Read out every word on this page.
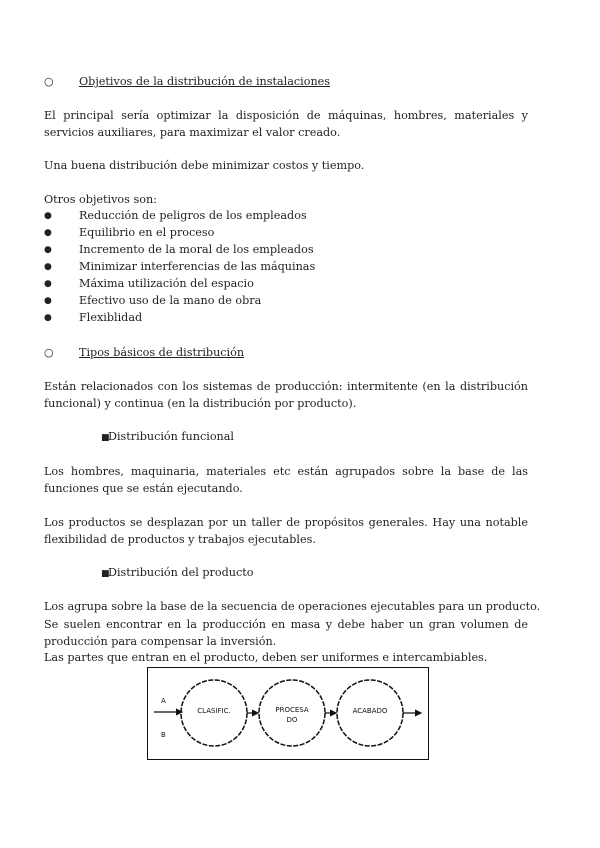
○ Objetivos de la distribución de instalaciones
El principal sería optimizar la disposición de máquinas, hombres, materiales y servicios auxiliares, para maximizar el valor creado.
Una buena distribución debe minimizar costos y tiempo.
Otros objetivos son:
● Reducción de peligros de los empleados
● Equilibrio en el proceso
● Incremento de la moral de los empleados
● Minimizar interferencias de las máquinas
● Máxima utilización del espacio
● Efectivo uso de la mano de obra
● Flexiblidad
○ Tipos básicos de distribución
Están relacionados con los sistemas de producción: intermitente (en la distribución funcional) y continua (en la distribución por producto).
■
Distribución funcional
Los hombres, maquinaria, materiales etc están agrupados sobre la base de las funciones que se están ejecutando.
Los productos se desplazan por un taller de propósitos generales. Hay una notable flexibilidad de productos y trabajos ejecutables.
■
Distribución del producto
Los agrupa sobre la base de la secuencia de operaciones ejecutables para un producto.
Se suelen encontrar en la producción en masa y debe haber un gran volumen de producción para compensar la inversión.
Las partes que entran en el producto, deben ser uniformes e intercambiables.
A
B
CLASIFIC.	PROCESA
DO
ACABADO
